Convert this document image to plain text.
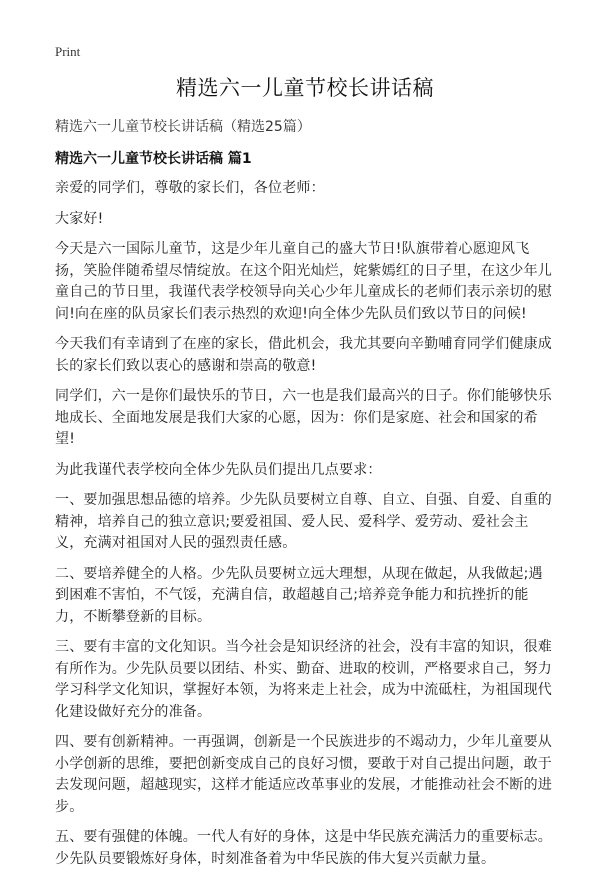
Print
精选六一儿童节校长讲话稿

精选六一儿童节校长讲话稿（精选25篇）

精选六一儿童节校长讲话稿 篇1

亲爱的同学们，尊敬的家长们，各位老师：

大家好!

今天是六一国际儿童节，这是少年儿童自己的盛大节日!队旗带着心愿迎风飞扬，笑脸伴随希望尽情绽放。在这个阳光灿烂，姹紫嫣红的日子里，在这少年儿童自己的节日里，我谨代表学校领导向关心少年儿童成长的老师们表示亲切的慰问!向在座的队员家长们表示热烈的欢迎!向全体少先队员们致以节日的问候!

今天我们有幸请到了在座的家长，借此机会，我尤其要向辛勤哺育同学们健康成长的家长们致以衷心的感谢和崇高的敬意!

同学们，六一是你们最快乐的节日，六一也是我们最高兴的日子。你们能够快乐地成长、全面地发展是我们大家的心愿，因为：你们是家庭、社会和国家的希望!

为此我谨代表学校向全体少先队员们提出几点要求：

一、要加强思想品德的培养。少先队员要树立自尊、自立、自强、自爱、自重的精神，培养自己的独立意识;要爱祖国、爱人民、爱科学、爱劳动、爱社会主义，充满对祖国对人民的强烈责任感。

二、要培养健全的人格。少先队员要树立远大理想，从现在做起，从我做起;遇到困难不害怕，不气馁，充满自信，敢超越自己;培养竞争能力和抗挫折的能力，不断攀登新的目标。

三、要有丰富的文化知识。当今社会是知识经济的社会，没有丰富的知识，很难有所作为。少先队员要以团结、朴实、勤奋、进取的校训，严格要求自己，努力学习科学文化知识，掌握好本领，为将来走上社会，成为中流砥柱，为祖国现代化建设做好充分的准备。

四、要有创新精神。一再强调，创新是一个民族进步的不竭动力，少年儿童要从小学创新的思维，要把创新变成自己的良好习惯，要敢于对自己提出问题，敢于去发现问题，超越现实，这样才能适应改革事业的发展，才能推动社会不断的进步。

五、要有强健的体魄。一代人有好的身体，这是中华民族充满活力的重要标志。少先队员要锻炼好身体，时刻准备着为中华民族的伟大复兴贡献力量。
